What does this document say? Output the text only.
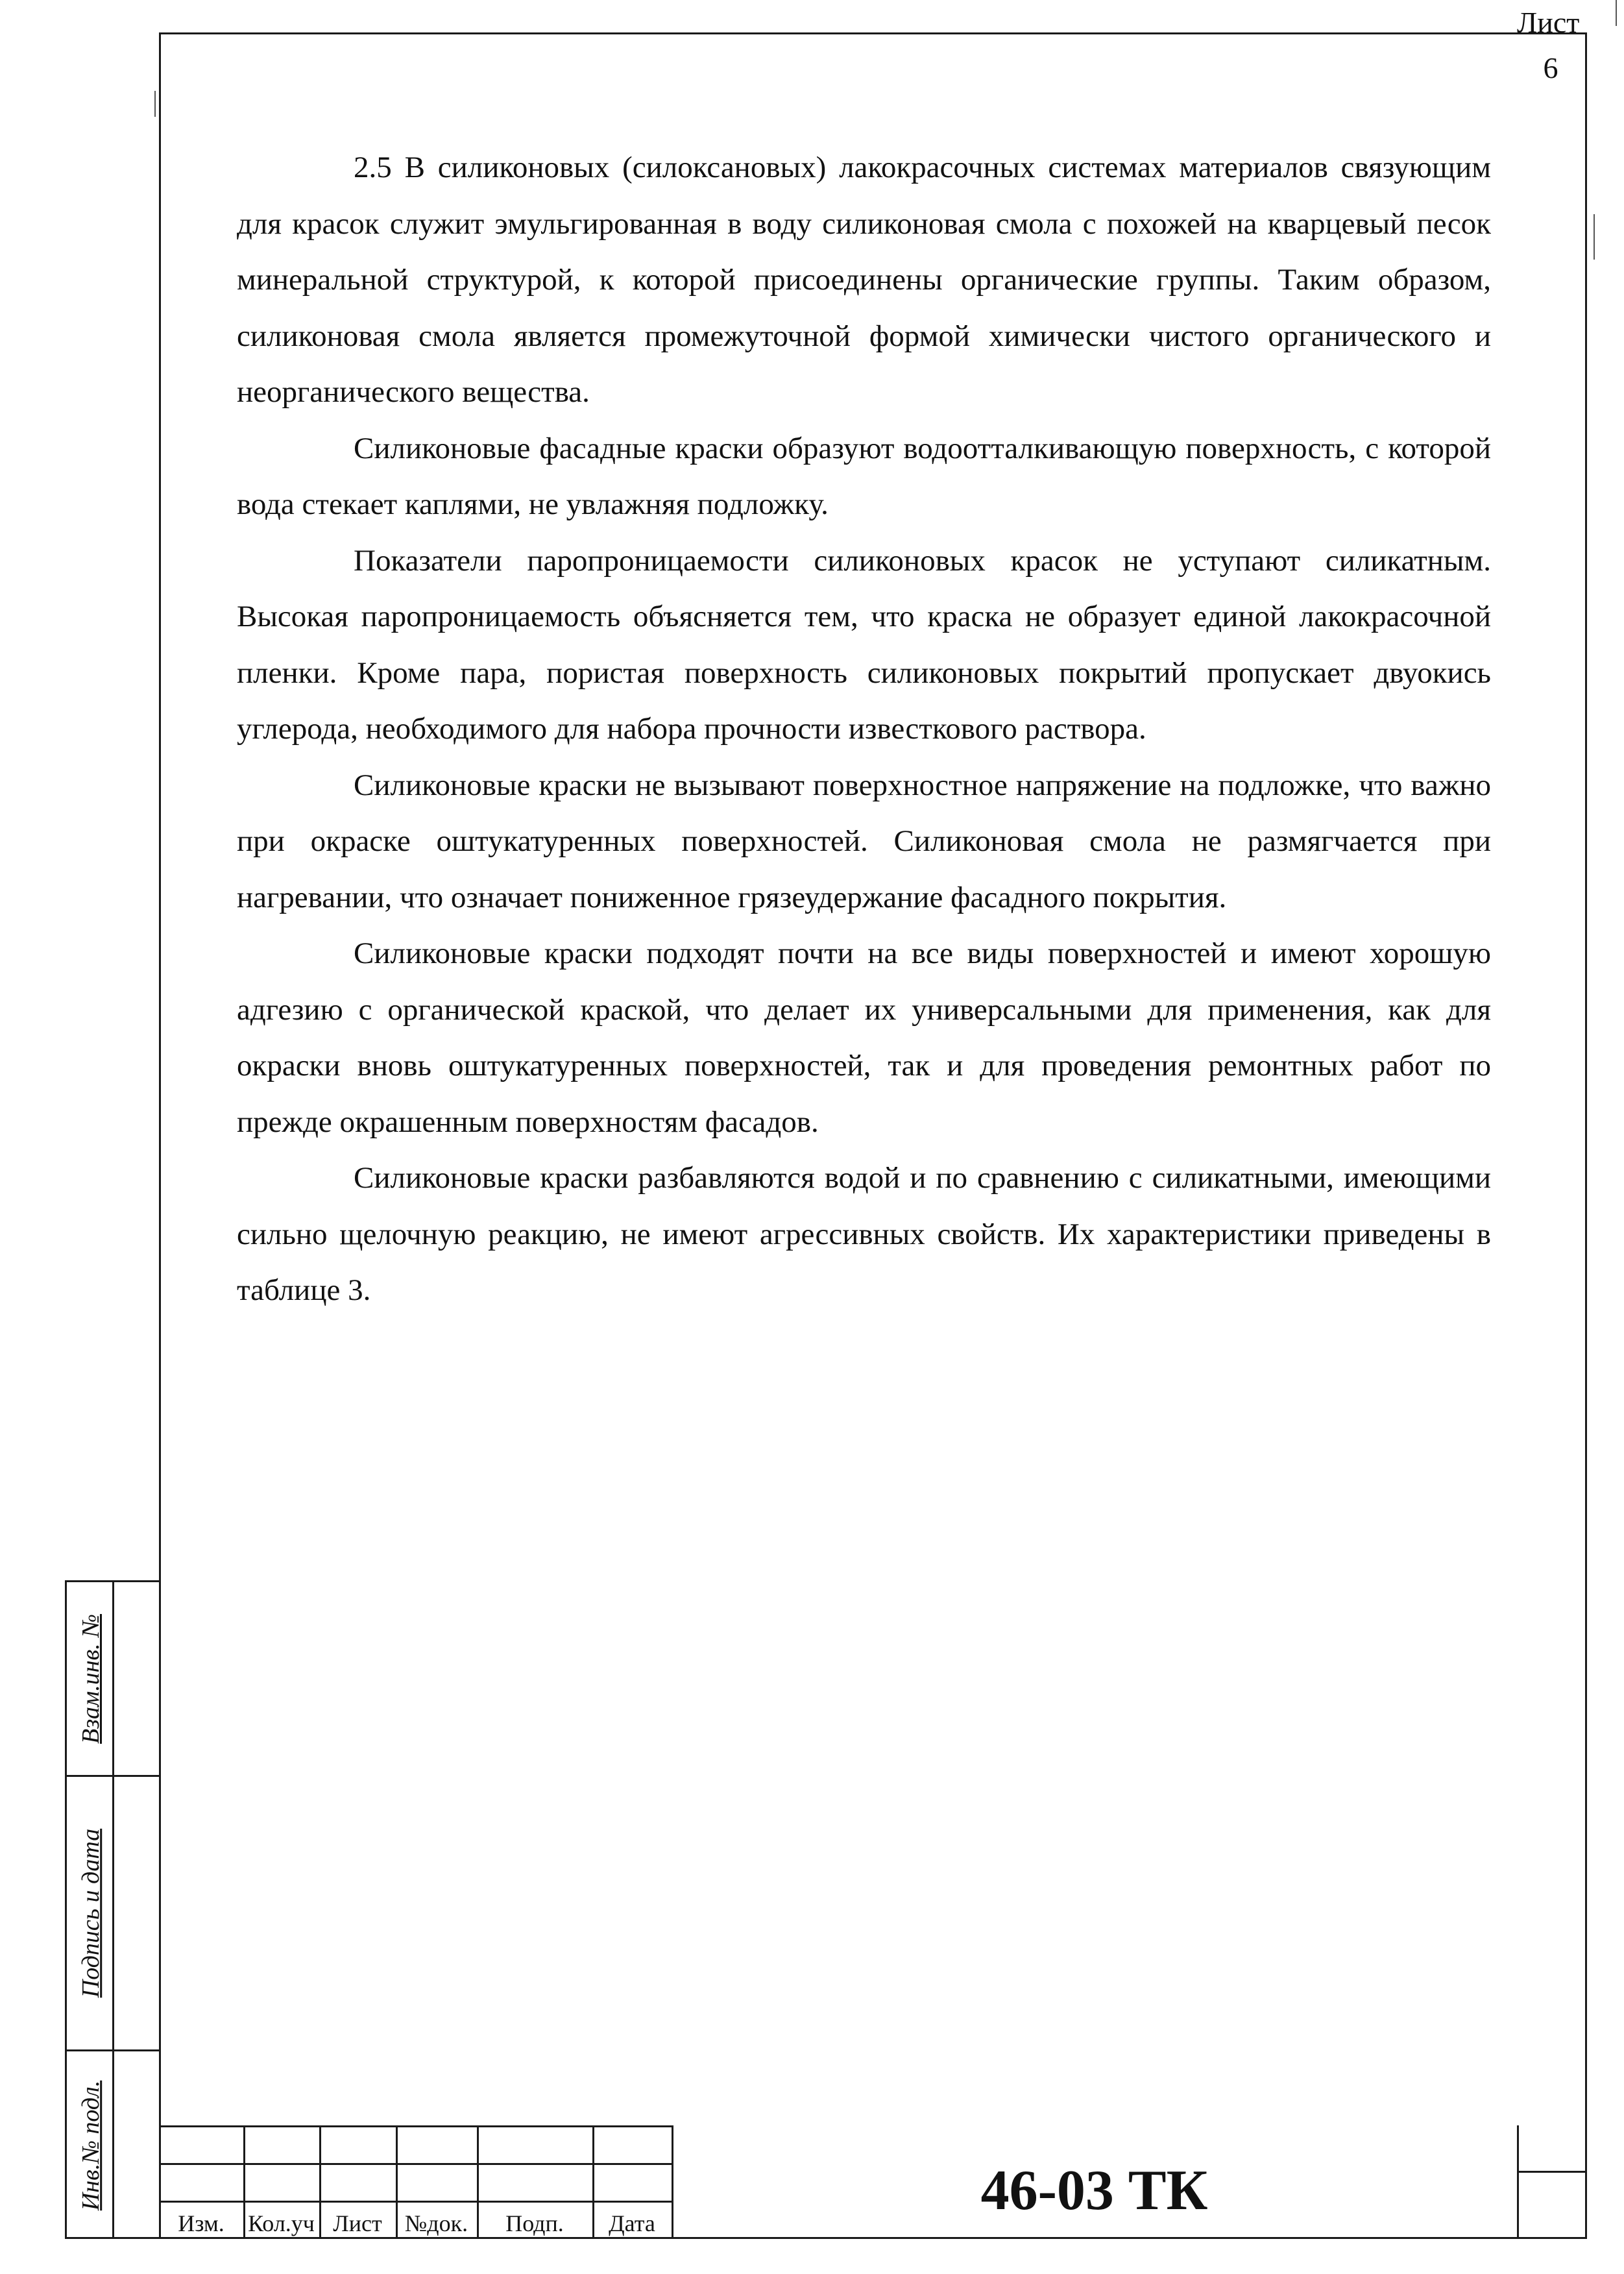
2.5 В силиконовых (силоксановых) лакокрасочных системах материалов связующим для красок служит эмульгированная в воду силиконовая смола с похожей на кварцевый песок минеральной структурой, к которой присоединены органические группы. Таким образом, силиконовая смола является промежуточной формой химически чистого органического и неорганического вещества.

Силиконовые фасадные краски образуют водоотталкивающую поверхность, с которой вода стекает каплями, не увлажняя подложку.

Показатели паропроницаемости силиконовых красок не уступают силикатным. Высокая паропроницаемость объясняется тем, что краска не образует единой лакокрасочной пленки. Кроме пара, пористая поверхность силиконовых покрытий пропускает двуокись углерода, необходимого для набора прочности известкового раствора.

Силиконовые краски не вызывают поверхностное напряжение на подложке, что важно при окраске оштукатуренных поверхностей. Силиконовая смола не размягчается при нагревании, что означает пониженное грязеудержание фасадного покрытия.

Силиконовые краски подходят почти на все виды поверхностей и имеют хорошую адгезию с органической краской, что делает их универсальными для применения, как для окраски вновь оштукатуренных поверхностей, так и для проведения ремонтных работ по прежде окрашенным поверхностям фасадов.

Силиконовые краски разбавляются водой и по сравнению с силикатными, имеющими сильно щелочную реакцию, не имеют агрессивных свойств. Их характеристики приведены в таблице 3.

Взам.инв. №
Подпись и дата
Инв.№ подл.
Изм.	Кол.уч Лист №док.	Подп.	Дата
46-03 ТК
Лист
6
